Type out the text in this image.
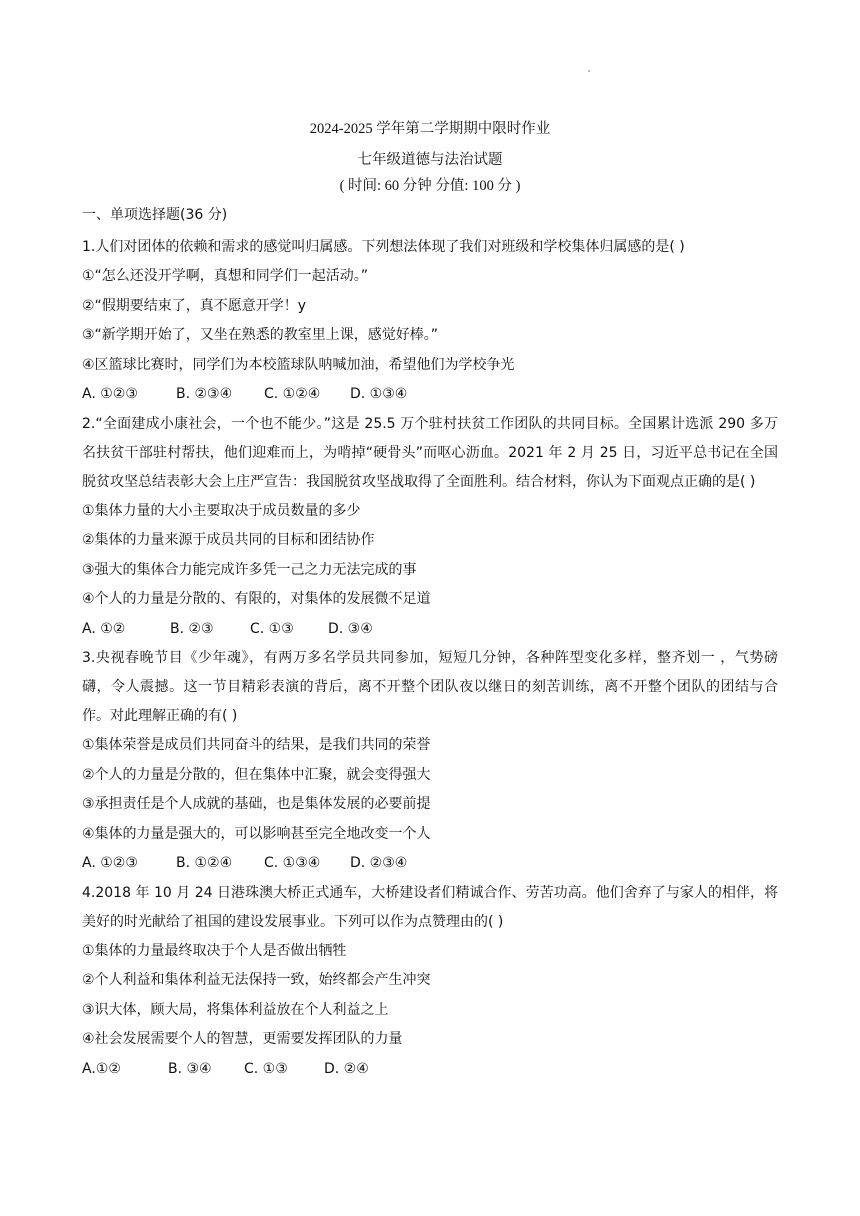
2024-2025 学年第二学期期中限时作业
七年级道德与法治试题
( 时间: 60 分钟 分值: 100 分 )
一、单项选择题(36 分)
1.人们对团体的依赖和需求的感觉叫归属感。下列想法体现了我们对班级和学校集体归属感的是( )
①“怎么还没开学啊，真想和同学们一起活动。”
②“假期要结束了，真不愿意开学！y
③“新学期开始了，又坐在熟悉的教室里上课，感觉好棒。”
④区篮球比赛时，同学们为本校篮球队呐喊加油，希望他们为学校争光
A. ①②③	B. ②③④	C. ①②④	D. ①③④
2.“全面建成小康社会，一个也不能少。”这是 25.5 万个驻村扶贫工作团队的共同目标。全国累计选派 290 多万名扶贫干部驻村帮扶，他们迎难而上，为啃掉“硬骨头”而呕心沥血。2021 年 2 月 25 日，习近平总书记在全国脱贫攻坚总结表彰大会上庄严宣告：我国脱贫攻坚战取得了全面胜利。结合材料，你认为下面观点正确的是( )
①集体力量的大小主要取决于成员数量的多少
②集体的力量来源于成员共同的目标和团结协作
③强大的集体合力能完成许多凭一己之力无法完成的事
④个人的力量是分散的、有限的，对集体的发展微不足道
A. ①②	B. ②③	C. ①③	D. ③④
3.央视春晚节目《少年魂》，有两万多名学员共同参加，短短几分钟，各种阵型变化多样，整齐划一 ，气势磅礴，令人震撼。这一节目精彩表演的背后，离不开整个团队夜以继日的刻苦训练，离不开整个团队的团结与合作。对此理解正确的有( )
①集体荣誉是成员们共同奋斗的结果，是我们共同的荣誉
②个人的力量是分散的，但在集体中汇聚，就会变得强大
③承担责任是个人成就的基础，也是集体发展的必要前提
④集体的力量是强大的，可以影响甚至完全地改变一个人
A. ①②③	B. ①②④	C. ①③④	D. ②③④
4.2018 年 10 月 24 日港珠澳大桥正式通车，大桥建设者们精诚合作、劳苦功高。他们舍弃了与家人的相伴，将美好的时光献给了祖国的建设发展事业。下列可以作为点赞理由的( )
①集体的力量最终取决于个人是否做出牺牲
②个人利益和集体利益无法保持一致，始终都会产生冲突
③识大体，顾大局，将集体利益放在个人利益之上
④社会发展需要个人的智慧，更需要发挥团队的力量
A.①②	B. ③④	C. ①③	D. ②④
